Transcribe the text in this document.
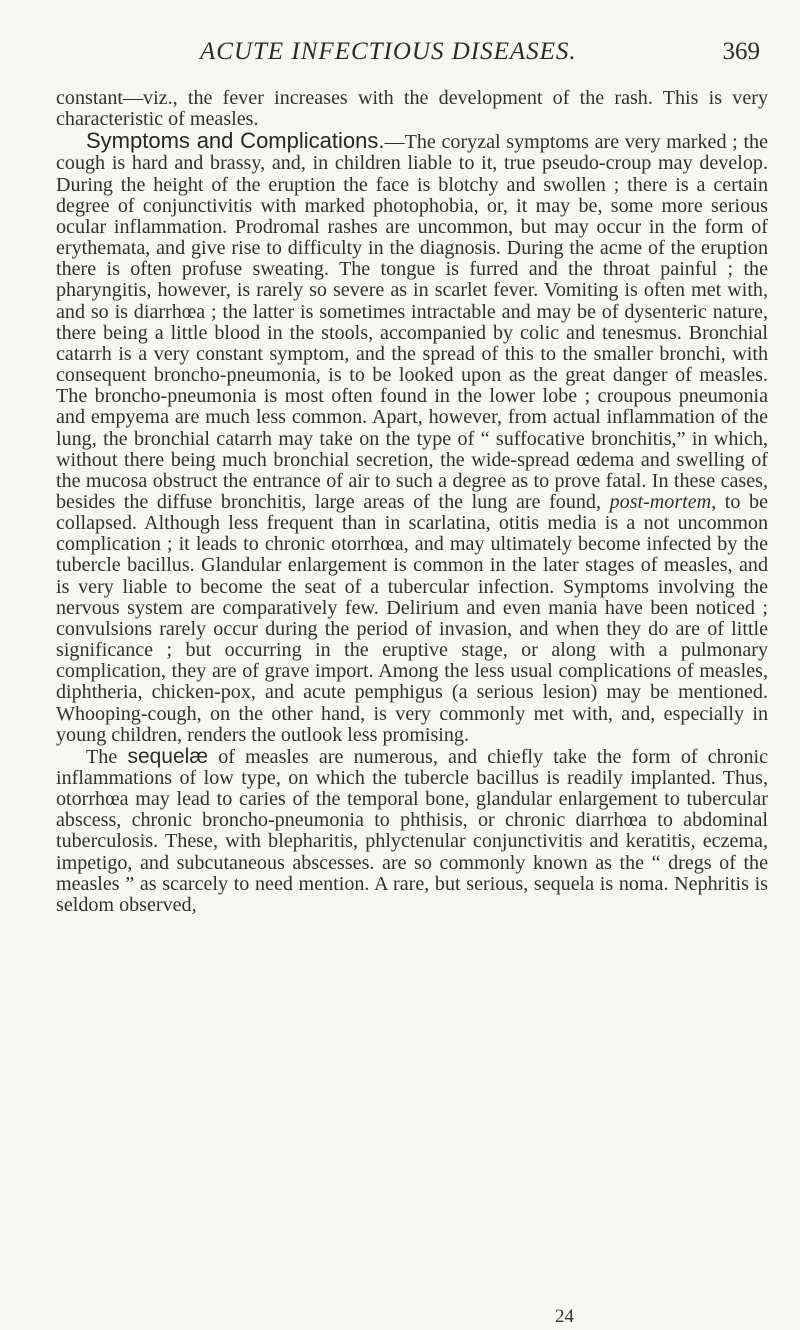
ACUTE INFECTIOUS DISEASES.	369

constant—viz., the fever increases with the development of the rash. This is very characteristic of measles.

Symptoms and Complications.—The coryzal symptoms are very marked ; the cough is hard and brassy, and, in children liable to it, true pseudo-croup may develop. During the height of the eruption the face is blotchy and swollen ; there is a certain degree of conjunctivitis with marked photophobia, or, it may be, some more serious ocular inflammation. Prodromal rashes are uncommon, but may occur in the form of erythemata, and give rise to difficulty in the diagnosis. During the acme of the eruption there is often profuse sweating. The tongue is furred and the throat painful ; the pharyngitis, however, is rarely so severe as in scarlet fever. Vomiting is often met with, and so is diarrhœa ; the latter is sometimes intractable and may be of dysenteric nature, there being a little blood in the stools, accompanied by colic and tenesmus. Bronchial catarrh is a very constant symptom, and the spread of this to the smaller bronchi, with consequent broncho-pneumonia, is to be looked upon as the great danger of measles. The broncho-pneumonia is most often found in the lower lobe ; croupous pneumonia and empyema are much less common. Apart, however, from actual inflammation of the lung, the bronchial catarrh may take on the type of “ suffocative bronchitis,” in which, without there being much bronchial secretion, the wide-spread œdema and swelling of the mucosa obstruct the entrance of air to such a degree as to prove fatal. In these cases, besides the diffuse bronchitis, large areas of the lung are found, post-mortem, to be collapsed. Although less frequent than in scarlatina, otitis media is a not uncommon complication ; it leads to chronic otorrhœa, and may ultimately become infected by the tubercle bacillus. Glandular enlargement is common in the later stages of measles, and is very liable to become the seat of a tubercular infection. Symptoms involving the nervous system are comparatively few. Delirium and even mania have been noticed ; convulsions rarely occur during the period of invasion, and when they do are of little significance ; but occurring in the eruptive stage, or along with a pulmonary complication, they are of grave import. Among the less usual complications of measles, diphtheria, chicken-pox, and acute pemphigus (a serious lesion) may be mentioned. Whooping-cough, on the other hand, is very commonly met with, and, especially in young children, renders the outlook less promising.

The sequelæ of measles are numerous, and chiefly take the form of chronic inflammations of low type, on which the tubercle bacillus is readily implanted. Thus, otorrhœa may lead to caries of the temporal bone, glandular enlargement to tubercular abscess, chronic broncho-pneumonia to phthisis, or chronic diarrhœa to abdominal tuberculosis. These, with blepharitis, phlyctenular conjunctivitis and keratitis, eczema, impetigo, and subcutaneous abscesses. are so commonly known as the “ dregs of the measles ” as scarcely to need mention. A rare, but serious, sequela is noma. Nephritis is seldom observed,

24
